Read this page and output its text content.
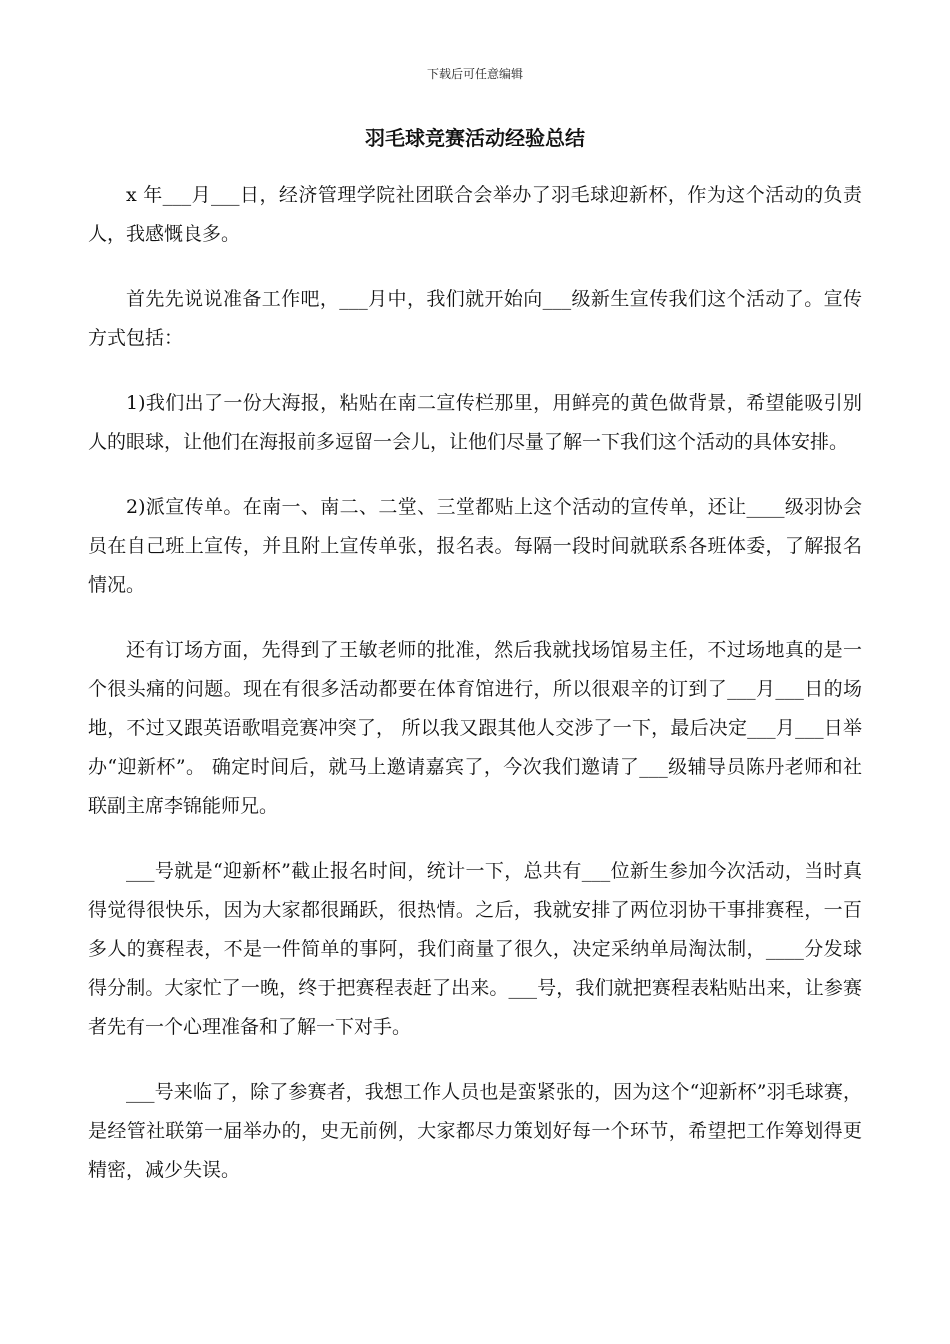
下载后可任意编辑
羽毛球竞赛活动经验总结

x 年___月___日，经济管理学院社团联合会举办了羽毛球迎新杯，作为这个活动的负责人，我感慨良多。

首先先说说准备工作吧，___月中，我们就开始向___级新生宣传我们这个活动了。宣传方式包括：

1)我们出了一份大海报，粘贴在南二宣传栏那里，用鲜亮的黄色做背景，希望能吸引别人的眼球，让他们在海报前多逗留一会儿，让他们尽量了解一下我们这个活动的具体安排。

2)派宣传单。在南一、南二、二堂、三堂都贴上这个活动的宣传单，还让____级羽协会员在自己班上宣传，并且附上宣传单张，报名表。每隔一段时间就联系各班体委，了解报名情况。

还有订场方面，先得到了王敏老师的批准，然后我就找场馆易主任，不过场地真的是一个很头痛的问题。现在有很多活动都要在体育馆进行，所以很艰辛的订到了___月___日的场地，不过又跟英语歌唱竞赛冲突了， 所以我又跟其他人交涉了一下，最后决定___月___日举办“迎新杯”。 确定时间后，就马上邀请嘉宾了，今次我们邀请了___级辅导员陈丹老师和社联副主席李锦能师兄。

___号就是“迎新杯”截止报名时间，统计一下，总共有___位新生参加今次活动，当时真得觉得很快乐，因为大家都很踊跃，很热情。之后，我就安排了两位羽协干事排赛程，一百多人的赛程表，不是一件简单的事阿，我们商量了很久，决定采纳单局淘汰制，____分发球得分制。大家忙了一晚，终于把赛程表赶了出来。___号，我们就把赛程表粘贴出来，让参赛者先有一个心理准备和了解一下对手。

___号来临了，除了参赛者，我想工作人员也是蛮紧张的，因为这个“迎新杯”羽毛球赛，是经管社联第一届举办的，史无前例，大家都尽力策划好每一个环节，希望把工作筹划得更精密，减少失误。
